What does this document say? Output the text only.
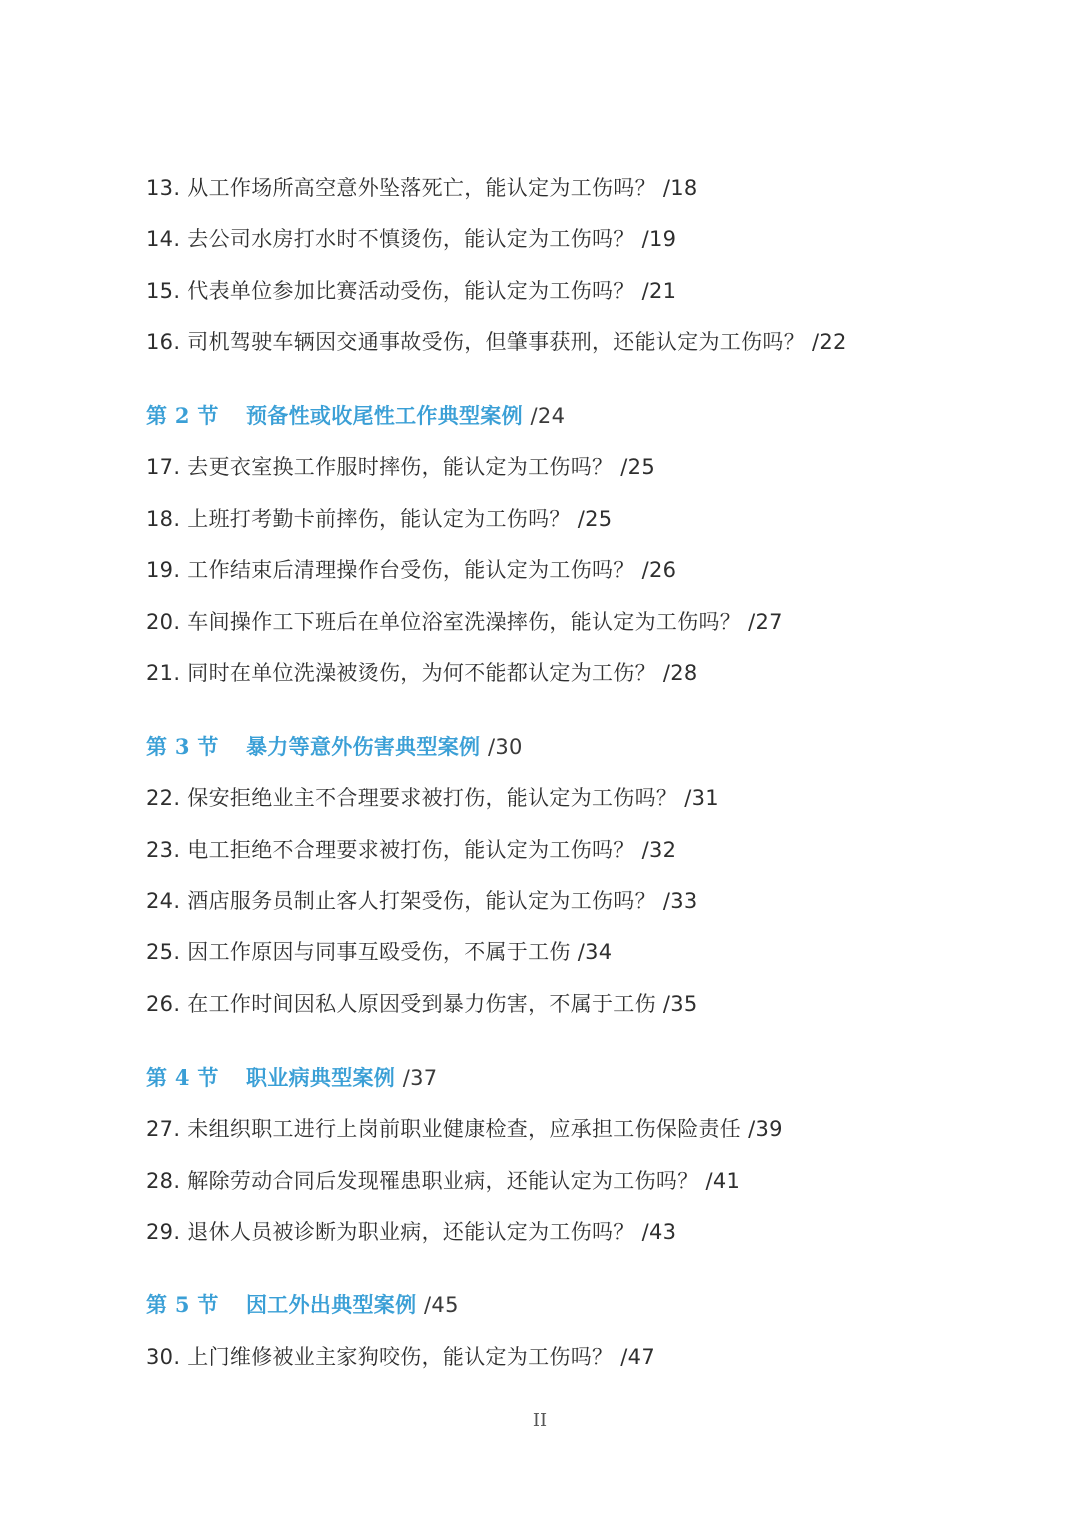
13. 从工作场所高空意外坠落死亡，能认定为工伤吗？ /18
14. 去公司水房打水时不慎烫伤，能认定为工伤吗？ /19
15. 代表单位参加比赛活动受伤，能认定为工伤吗？ /21
16. 司机驾驶车辆因交通事故受伤，但肇事获刑，还能认定为工伤吗？ /22
第 2 节 预备性或收尾性工作典型案例 /24
17. 去更衣室换工作服时摔伤，能认定为工伤吗？ /25
18. 上班打考勤卡前摔伤，能认定为工伤吗？ /25
19. 工作结束后清理操作台受伤，能认定为工伤吗？ /26
20. 车间操作工下班后在单位浴室洗澡摔伤，能认定为工伤吗？ /27
21. 同时在单位洗澡被烫伤，为何不能都认定为工伤？ /28
第 3 节 暴力等意外伤害典型案例 /30
22. 保安拒绝业主不合理要求被打伤，能认定为工伤吗？ /31
23. 电工拒绝不合理要求被打伤，能认定为工伤吗？ /32
24. 酒店服务员制止客人打架受伤，能认定为工伤吗？ /33
25. 因工作原因与同事互殴受伤，不属于工伤 /34
26. 在工作时间因私人原因受到暴力伤害，不属于工伤 /35
第 4 节 职业病典型案例 /37
27. 未组织职工进行上岗前职业健康检查，应承担工伤保险责任 /39
28. 解除劳动合同后发现罹患职业病，还能认定为工伤吗？ /41
29. 退休人员被诊断为职业病，还能认定为工伤吗？ /43
第 5 节 因工外出典型案例 /45
30. 上门维修被业主家狗咬伤，能认定为工伤吗？ /47
II
